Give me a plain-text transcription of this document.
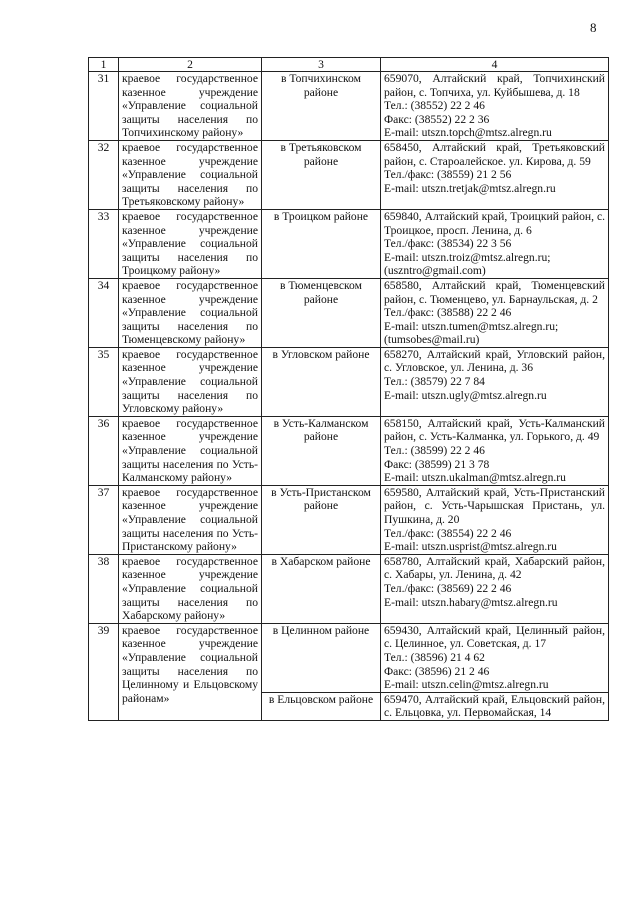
8
1	2	3	4
31	краевое государственное казенное учреждение «Управление социальной защиты населения по Топчихинскому району»	в Топчихинском районе	659070, Алтайский край, Топчихинский район, с. Топчиха, ул. Куйбышева, д. 18
Тел.: (38552) 22 2 46
Факс: (38552) 22 2 36
E-mail: utszn.topch@mtsz.alregn.ru

32	краевое государственное казенное учреждение «Управление социальной защиты населения по Третьяковскому району»	в Третьяковском районе	658450, Алтайский край, Третьяковский район, с. Староалейское. ул. Кирова, д. 59
Тел./факс: (38559) 21 2 56
E-mail: utszn.tretjak@mtsz.alregn.ru

33	краевое государственное казенное учреждение «Управление социальной защиты населения по Троицкому району»	в Троицком районе	659840, Алтайский край, Троицкий район, с. Троицкое, просп. Ленина, д. 6
Тел./факс: (38534) 22 3 56
E-mail: utszn.troiz@mtsz.alregn.ru;
(uszntro@gmail.com)

34	краевое государственное казенное учреждение «Управление социальной защиты населения по Тюменцевскому району»	в Тюменцевском районе	658580, Алтайский край, Тюменцевский район, с. Тюменцево, ул. Барнаульская, д. 2
Тел./факс: (38588) 22 2 46
E-mail: utszn.tumen@mtsz.alregn.ru;
(tumsobes@mail.ru)

35	краевое государственное казенное учреждение «Управление социальной защиты населения по Угловскому району»	в Угловском районе	658270, Алтайский край, Угловский район, с. Угловское, ул. Ленина, д. 36
Тел.: (38579) 22 7 84
E-mail: utszn.ugly@mtsz.alregn.ru

36	краевое государственное казенное учреждение «Управление социальной защиты населения по Усть-Калманскому району»	в Усть-Калманском районе	658150, Алтайский край, Усть-Калманский район, с. Усть-Калманка, ул. Горького, д. 49
Тел.: (38599) 22 2 46
Факс: (38599) 21 3 78
E-mail: utszn.ukalman@mtsz.alregn.ru

37	краевое государственное казенное учреждение «Управление социальной защиты населения по Усть-Пристанскому району»	в Усть-Пристанском районе	659580, Алтайский край, Усть-Пристанский район, с. Усть-Чарышская Пристань, ул. Пушкина, д. 20
Тел./факс: (38554) 22 2 46
E-mail: utszn.usprist@mtsz.alregn.ru

38	краевое государственное казенное учреждение «Управление социальной защиты населения по Хабарскому району»	в Хабарском районе	658780, Алтайский край, Хабарский район, с. Хабары, ул. Ленина, д. 42
Тел./факс: (38569) 22 2 46
E-mail: utszn.habary@mtsz.alregn.ru

39	краевое государственное казенное учреждение «Управление социальной защиты населения по Целинному и Ельцовскому районам»	в Целинном районе	659430, Алтайский край, Целинный район, с. Целинное, ул. Советская, д. 17
Тел.: (38596) 21 4 62
Факс: (38596) 21 2 46
E-mail: utszn.celin@mtsz.alregn.ru

		в Ельцовском районе	659470, Алтайский край, Ельцовский район, с. Ельцовка, ул. Первомайская, 14
